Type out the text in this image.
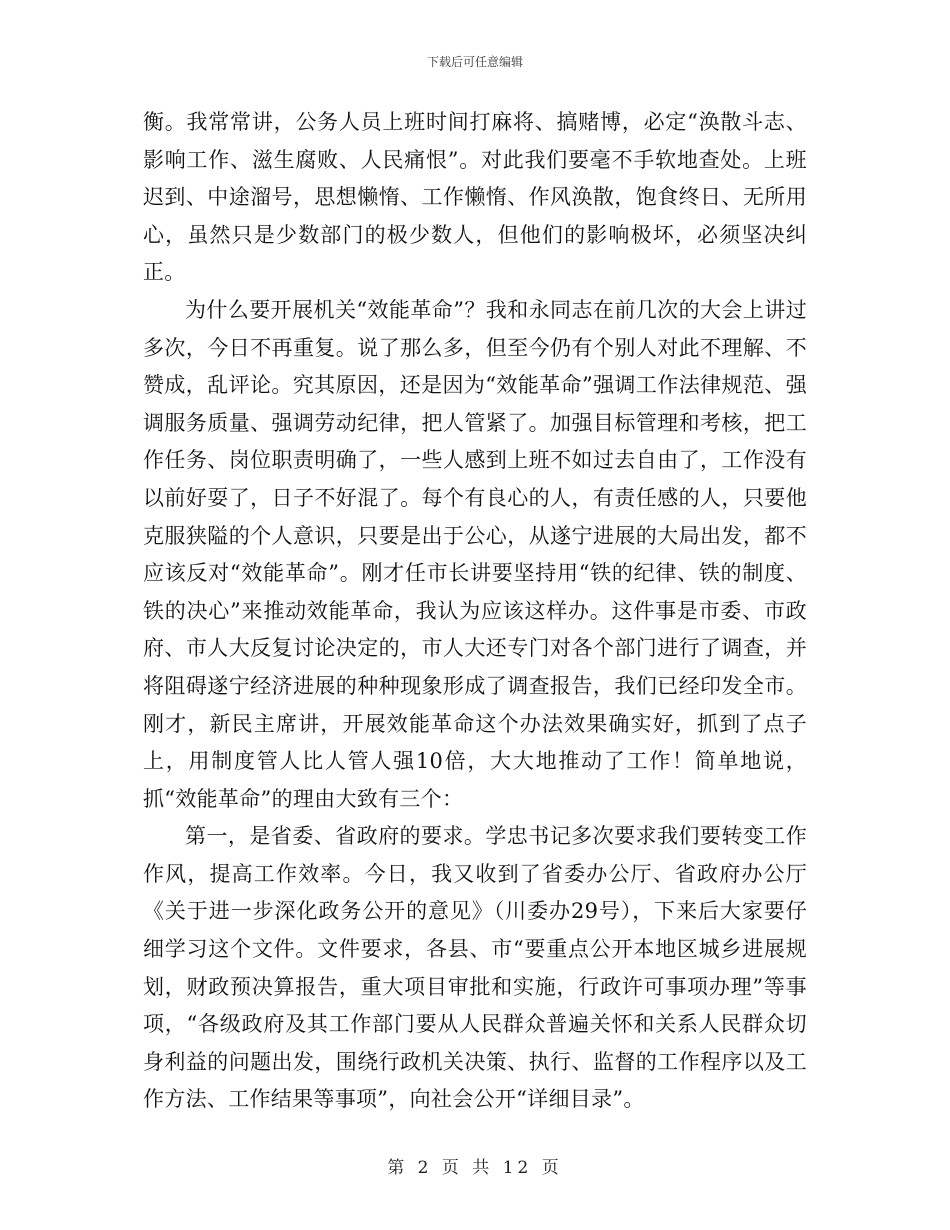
下载后可任意编辑

衡。我常常讲，公务人员上班时间打麻将、搞赌博，必定“涣散斗志、影响工作、滋生腐败、人民痛恨”。对此我们要毫不手软地查处。上班迟到、中途溜号，思想懒惰、工作懒惰、作风涣散，饱食终日、无所用心，虽然只是少数部门的极少数人，但他们的影响极坏，必须坚决纠正。

为什么要开展机关“效能革命”？我和永同志在前几次的大会上讲过多次，今日不再重复。说了那么多，但至今仍有个别人对此不理解、不赞成，乱评论。究其原因，还是因为“效能革命”强调工作法律规范、强调服务质量、强调劳动纪律，把人管紧了。加强目标管理和考核，把工作任务、岗位职责明确了，一些人感到上班不如过去自由了，工作没有以前好耍了，日子不好混了。每个有良心的人，有责任感的人，只要他克服狭隘的个人意识，只要是出于公心，从遂宁进展的大局出发，都不应该反对“效能革命”。刚才任市长讲要坚持用“铁的纪律、铁的制度、铁的决心”来推动效能革命，我认为应该这样办。这件事是市委、市政府、市人大反复讨论决定的，市人大还专门对各个部门进行了调查，并将阻碍遂宁经济进展的种种现象形成了调查报告，我们已经印发全市。刚才，新民主席讲，开展效能革命这个办法效果确实好，抓到了点子上，用制度管人比人管人强10倍，大大地推动了工作！简单地说，抓“效能革命”的理由大致有三个：

第一，是省委、省政府的要求。学忠书记多次要求我们要转变工作作风，提高工作效率。今日，我又收到了省委办公厅、省政府办公厅《关于进一步深化政务公开的意见》（川委办29号），下来后大家要仔细学习这个文件。文件要求，各县、市“要重点公开本地区城乡进展规划，财政预决算报告，重大项目审批和实施，行政许可事项办理”等事项，“各级政府及其工作部门要从人民群众普遍关怀和关系人民群众切身利益的问题出发，围绕行政机关决策、执行、监督的工作程序以及工作方法、工作结果等事项”，向社会公开“详细目录”。

第 2 页 共 12 页
